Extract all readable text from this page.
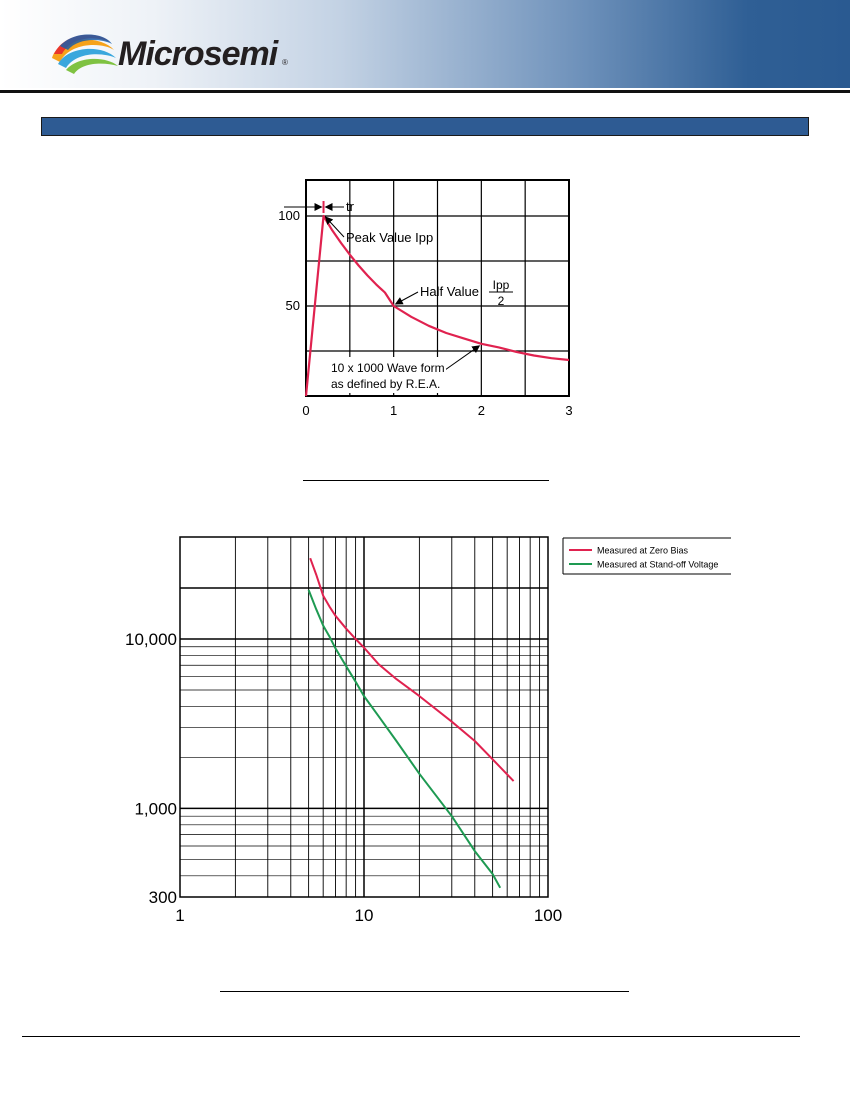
Microsemi ®
0	1	2	3
50
100
tr
Peak Value Ipp
Half Value Ipp
2
10 x 1000 Wave form
as defined by R.E.A.
1	10	100
300
1,000
10,000
Measured at Zero Bias
Measured at Stand-off Voltage
